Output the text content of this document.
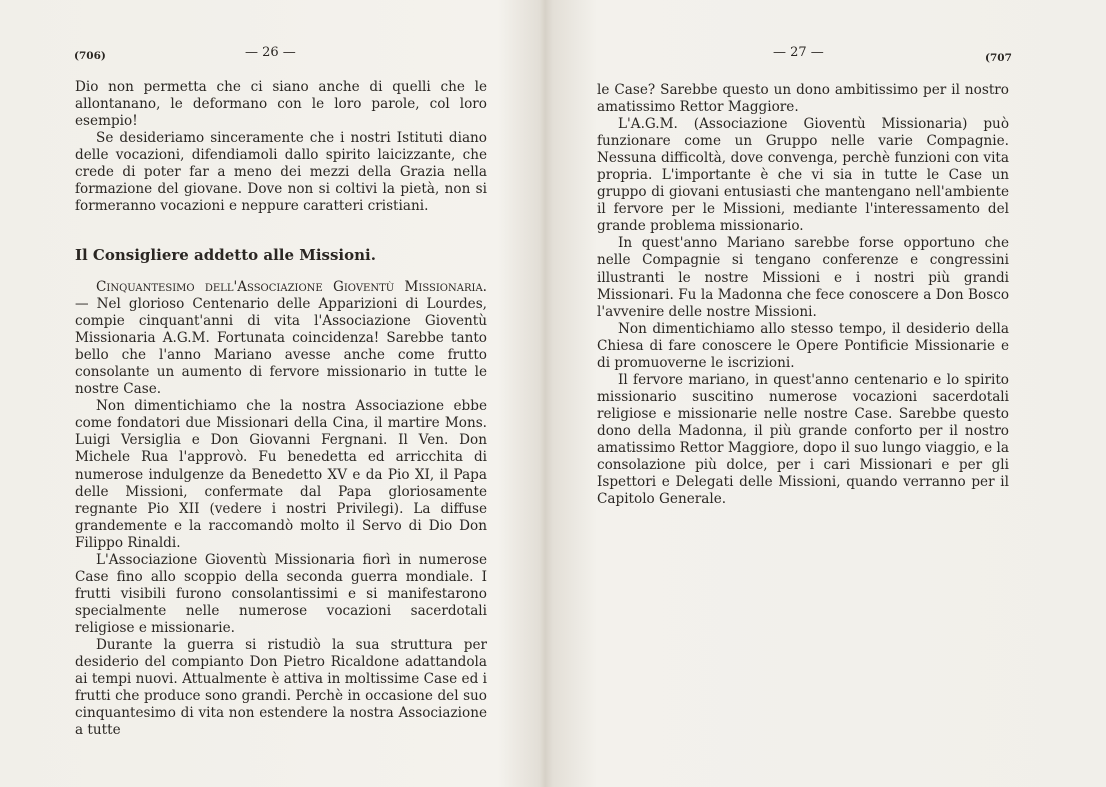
(706)	— 26 —

Dio non permetta che ci siano anche di quelli che le allontanano, le deformano con le loro parole, col loro esempio!

Se desideriamo sinceramente che i nostri Istituti diano delle vocazioni, difendiamoli dallo spirito laicizzante, che crede di poter far a meno dei mezzi della Grazia nella formazione del giovane. Dove non si coltivi la pietà, non si formeranno vocazioni e neppure caratteri cristiani.

Il Consigliere addetto alle Missioni.

Cinquantesimo dell'Associazione Gioventù Missionaria. — Nel glorioso Centenario delle Apparizioni di Lourdes, compie cinquant'anni di vita l'Associazione Gioventù Missionaria A.G.M. Fortunata coincidenza! Sarebbe tanto bello che l'anno Mariano avesse anche come frutto consolante un aumento di fervore missionario in tutte le nostre Case.

Non dimentichiamo che la nostra Associazione ebbe come fondatori due Missionari della Cina, il martire Mons. Luigi Versiglia e Don Giovanni Fergnani. Il Ven. Don Michele Rua l'approvò. Fu benedetta ed arricchita di numerose indulgenze da Benedetto XV e da Pio XI, il Papa delle Missioni, confermate dal Papa gloriosamente regnante Pio XII (vedere i nostri Privilegi). La diffuse grandemente e la raccomandò molto il Servo di Dio Don Filippo Rinaldi.

L'Associazione Gioventù Missionaria fiorì in numerose Case fino allo scoppio della seconda guerra mondiale. I frutti visibili furono consolantissimi e si manifestarono specialmente nelle numerose vocazioni sacerdotali religiose e missionarie.

Durante la guerra si ristudiò la sua struttura per desiderio del compianto Don Pietro Ricaldone adattandola ai tempi nuovi. Attualmente è attiva in moltissime Case ed i frutti che produce sono grandi. Perchè in occasione del suo cinquantesimo di vita non estendere la nostra Associazione a tutte

— 27 —	(707

le Case? Sarebbe questo un dono ambitissimo per il nostro amatissimo Rettor Maggiore.

L'A.G.M. (Associazione Gioventù Missionaria) può funzionare come un Gruppo nelle varie Compagnie. Nessuna difficoltà, dove convenga, perchè funzioni con vita propria. L'importante è che vi sia in tutte le Case un gruppo di giovani entusiasti che mantengano nell'ambiente il fervore per le Missioni, mediante l'interessamento del grande problema missionario.

In quest'anno Mariano sarebbe forse opportuno che nelle Compagnie si tengano conferenze e congressini illustranti le nostre Missioni e i nostri più grandi Missionari. Fu la Madonna che fece conoscere a Don Bosco l'avvenire delle nostre Missioni.

Non dimentichiamo allo stesso tempo, il desiderio della Chiesa di fare conoscere le Opere Pontificie Missionarie e di promuoverne le iscrizioni.

Il fervore mariano, in quest'anno centenario e lo spirito missionario suscitino numerose vocazioni sacerdotali religiose e missionarie nelle nostre Case. Sarebbe questo dono della Madonna, il più grande conforto per il nostro amatissimo Rettor Maggiore, dopo il suo lungo viaggio, e la consolazione più dolce, per i cari Missionari e per gli Ispettori e Delegati delle Missioni, quando verranno per il Capitolo Generale.
